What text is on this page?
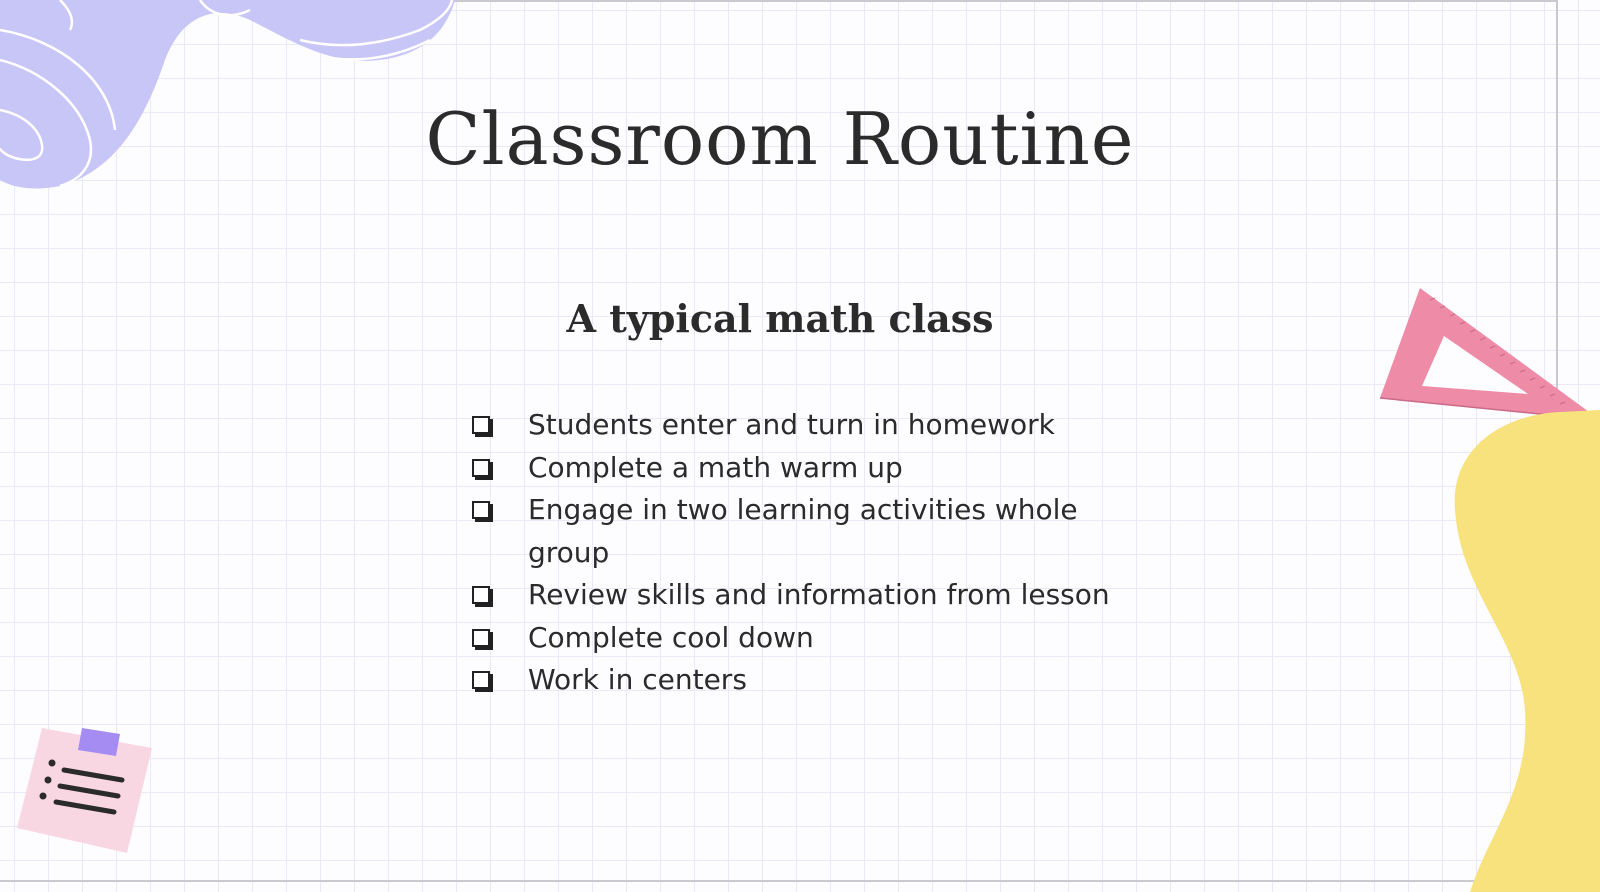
Classroom Routine
A typical math class
Students enter and turn in homework
Complete a math warm up
Engage in two learning activities whole group
Review skills and information from lesson
Complete cool down
Work in centers
